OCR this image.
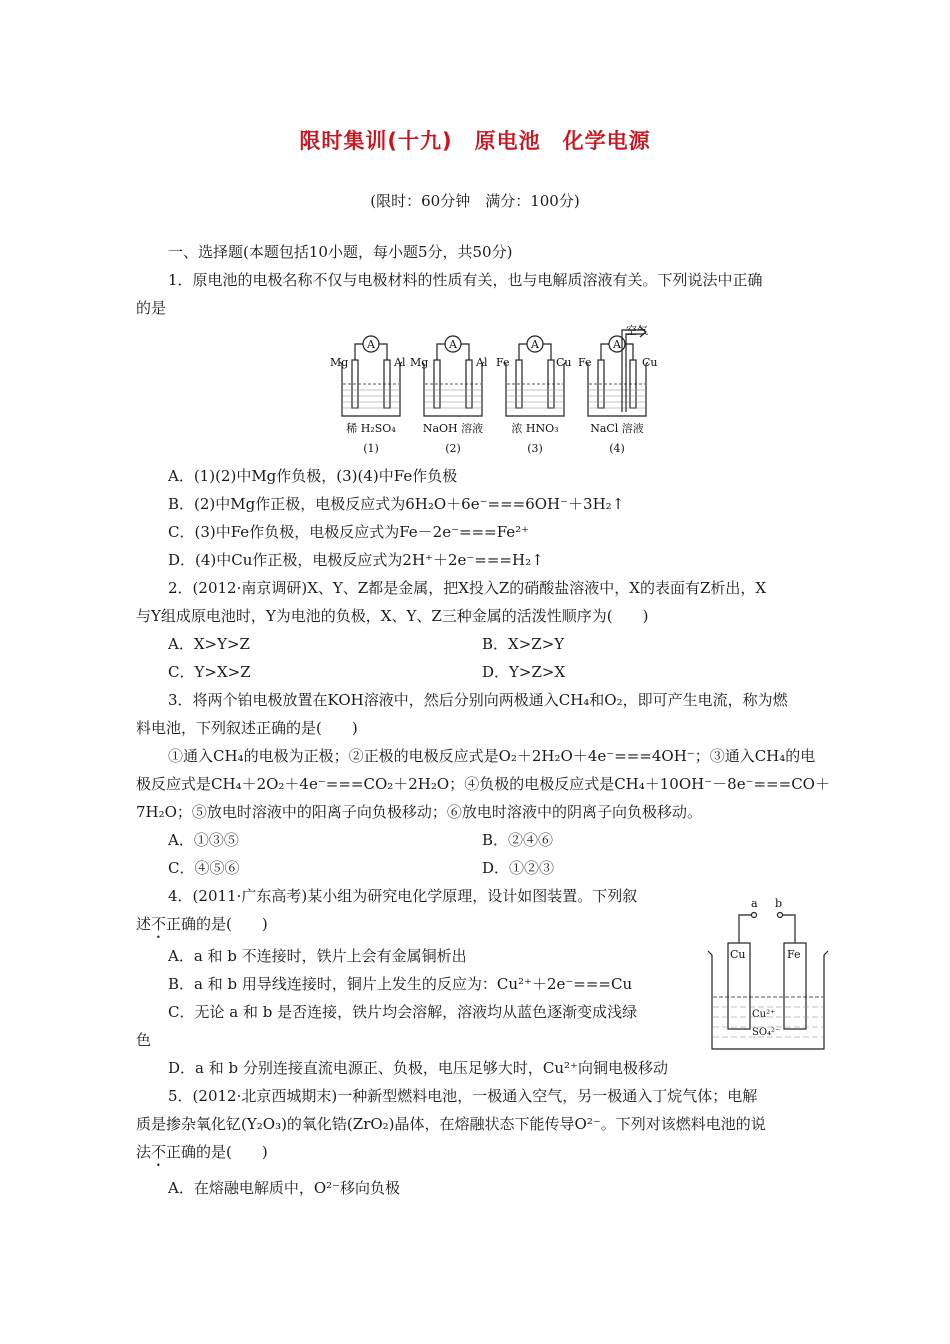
限时集训(十九)　原电池　化学电源
(限时：60分钟　满分：100分)
一、选择题(本题包括10小题，每小题5分，共50分)
1．原电池的电极名称不仅与电极材料的性质有关，也与电解质溶液有关。下列说法中正确
的是
A	A	A	A
Mg	Al Mg	Al Fe	Cu Fe	Cu
空气
稀 H₂SO₄ NaOH 溶液	浓 HNO₃	NaCl 溶液
(1)	(2)	(3)	(4)
A．(1)(2)中Mg作负极，(3)(4)中Fe作负极
B．(2)中Mg作正极，电极反应式为6H₂O＋6e⁻===6OH⁻＋3H₂↑
C．(3)中Fe作负极，电极反应式为Fe－2e⁻===Fe²⁺
D．(4)中Cu作正极，电极反应式为2H⁺＋2e⁻===H₂↑
2．(2012·南京调研)X、Y、Z都是金属，把X投入Z的硝酸盐溶液中，X的表面有Z析出，X
与Y组成原电池时，Y为电池的负极，X、Y、Z三种金属的活泼性顺序为(　　)
A．X>Y>Z	B．X>Z>Y
C．Y>X>Z	D．Y>Z>X
3．将两个铂电极放置在KOH溶液中，然后分别向两极通入CH₄和O₂，即可产生电流，称为燃
料电池，下列叙述正确的是(　　)
①通入CH₄的电极为正极；②正极的电极反应式是O₂＋2H₂O＋4e⁻===4OH⁻；③通入CH₄的电
极反应式是CH₄＋2O₂＋4e⁻===CO₂＋2H₂O；④负极的电极反应式是CH₄＋10OH⁻－8e⁻===CO＋
7H₂O；⑤放电时溶液中的阳离子向负极移动；⑥放电时溶液中的阴离子向负极移动。
A．①③⑤	B．②④⑥
C．④⑤⑥	D．①②③
4．(2011·广东高考)某小组为研究电化学原理，设计如图装置。下列叙
述不正确的是(　　)
A．a 和 b 不连接时，铁片上会有金属铜析出
B．a 和 b 用导线连接时，铜片上发生的反应为：Cu²⁺＋2e⁻===Cu
C．无论 a 和 b 是否连接，铁片均会溶解，溶液均从蓝色逐渐变成浅绿
色
D．a 和 b 分别连接直流电源正、负极，电压足够大时，Cu²⁺向铜电极移动
a b
Cu	Fe
Cu²⁺
SO₄²⁻
5．(2012·北京西城期末)一种新型燃料电池，一极通入空气，另一极通入丁烷气体；电解
质是掺杂氧化钇(Y₂O₃)的氧化锆(ZrO₂)晶体，在熔融状态下能传导O²⁻。下列对该燃料电池的说
法不正确的是(　　)
A．在熔融电解质中，O²⁻移向负极
